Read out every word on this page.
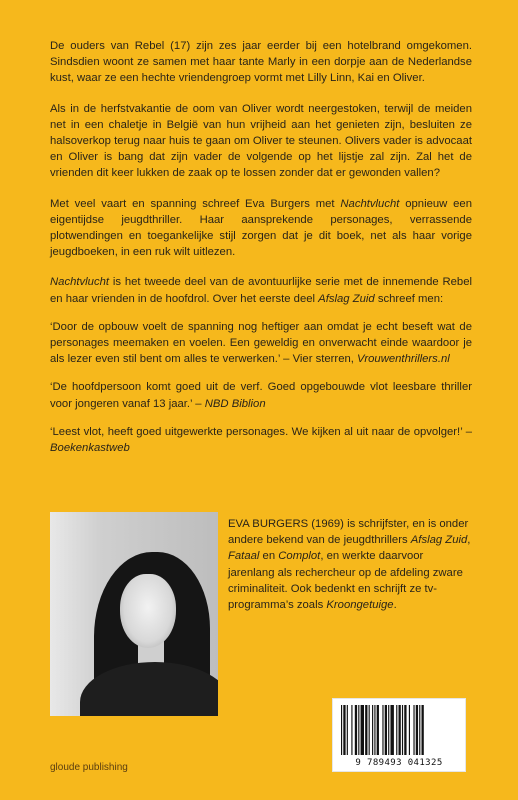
De ouders van Rebel (17) zijn zes jaar eerder bij een hotelbrand omgekomen. Sindsdien woont ze samen met haar tante Marly in een dorpje aan de Nederlandse kust, waar ze een hechte vriendengroep vormt met Lilly Linn, Kai en Oliver.

Als in de herfstvakantie de oom van Oliver wordt neergestoken, terwijl de meiden net in een chaletje in België van hun vrijheid aan het genieten zijn, besluiten ze halsoverkop terug naar huis te gaan om Oliver te steunen. Olivers vader is advocaat en Oliver is bang dat zijn vader de volgende op het lijstje zal zijn. Zal het de vrienden dit keer lukken de zaak op te lossen zonder dat er gewonden vallen?

Met veel vaart en spanning schreef Eva Burgers met Nachtvlucht opnieuw een eigentijdse jeugdthriller. Haar aansprekende personages, verrassende plotwendingen en toegankelijke stijl zorgen dat je dit boek, net als haar vorige jeugdboeken, in een ruk wilt uitlezen.

Nachtvlucht is het tweede deel van de avontuurlijke serie met de innemende Rebel en haar vrienden in de hoofdrol. Over het eerste deel Afslag Zuid schreef men:

‘Door de opbouw voelt de spanning nog heftiger aan omdat je echt beseft wat de personages meemaken en voelen. Een geweldig en onverwacht einde waardoor je als lezer even stil bent om alles te verwerken.’ – Vier sterren, Vrouwenthrillers.nl

‘De hoofdpersoon komt goed uit de verf. Goed opgebouwde vlot leesbare thriller voor jongeren vanaf 13 jaar.’ – NBD Biblion

‘Leest vlot, heeft goed uitgewerkte personages. We kijken al uit naar de opvolger!’ – Boekenkastweb

EVA BURGERS (1969) is schrijfster, en is onder andere bekend van de jeugdthrillers Afslag Zuid, Fataal en Complot, en werkte daarvoor jarenlang als rechercheur op de afdeling zware criminaliteit. Ook bedenkt en schrijft ze tv-programma’s zoals Kroongetuige.
9 789493 041325
gloude publishing
